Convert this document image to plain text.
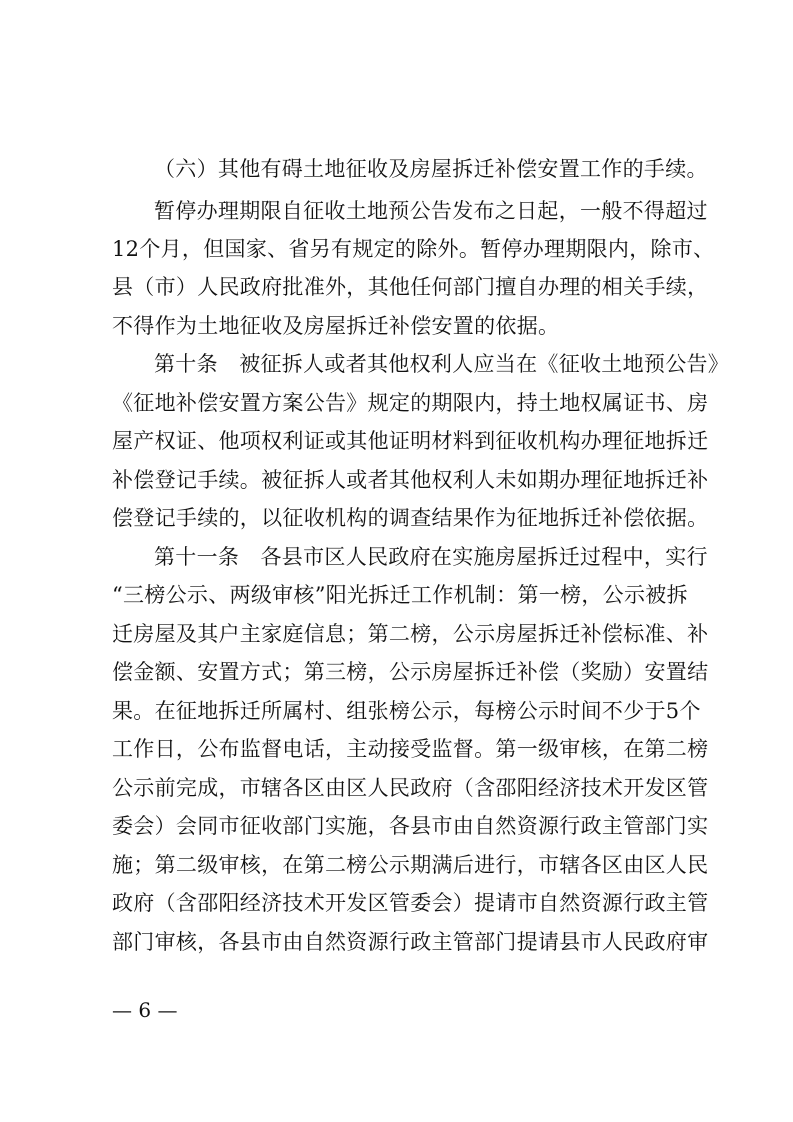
（六）其他有碍土地征收及房屋拆迁补偿安置工作的手续。
暂停办理期限自征收土地预公告发布之日起，一般不得超过
12个月，但国家、省另有规定的除外。暂停办理期限内，除市、
县（市）人民政府批准外，其他任何部门擅自办理的相关手续，
不得作为土地征收及房屋拆迁补偿安置的依据。
第十条　被征拆人或者其他权利人应当在《征收土地预公告》
《征地补偿安置方案公告》规定的期限内，持土地权属证书、房
屋产权证、他项权利证或其他证明材料到征收机构办理征地拆迁
补偿登记手续。被征拆人或者其他权利人未如期办理征地拆迁补
偿登记手续的，以征收机构的调查结果作为征地拆迁补偿依据。
第十一条　各县市区人民政府在实施房屋拆迁过程中，实行
“三榜公示、两级审核”阳光拆迁工作机制：第一榜，公示被拆
迁房屋及其户主家庭信息；第二榜，公示房屋拆迁补偿标准、补
偿金额、安置方式；第三榜，公示房屋拆迁补偿（奖励）安置结
果。在征地拆迁所属村、组张榜公示，每榜公示时间不少于5个
工作日，公布监督电话，主动接受监督。第一级审核，在第二榜
公示前完成，市辖各区由区人民政府（含邵阳经济技术开发区管
委会）会同市征收部门实施，各县市由自然资源行政主管部门实
施；第二级审核，在第二榜公示期满后进行，市辖各区由区人民
政府（含邵阳经济技术开发区管委会）提请市自然资源行政主管
部门审核，各县市由自然资源行政主管部门提请县市人民政府审
— 6 —
